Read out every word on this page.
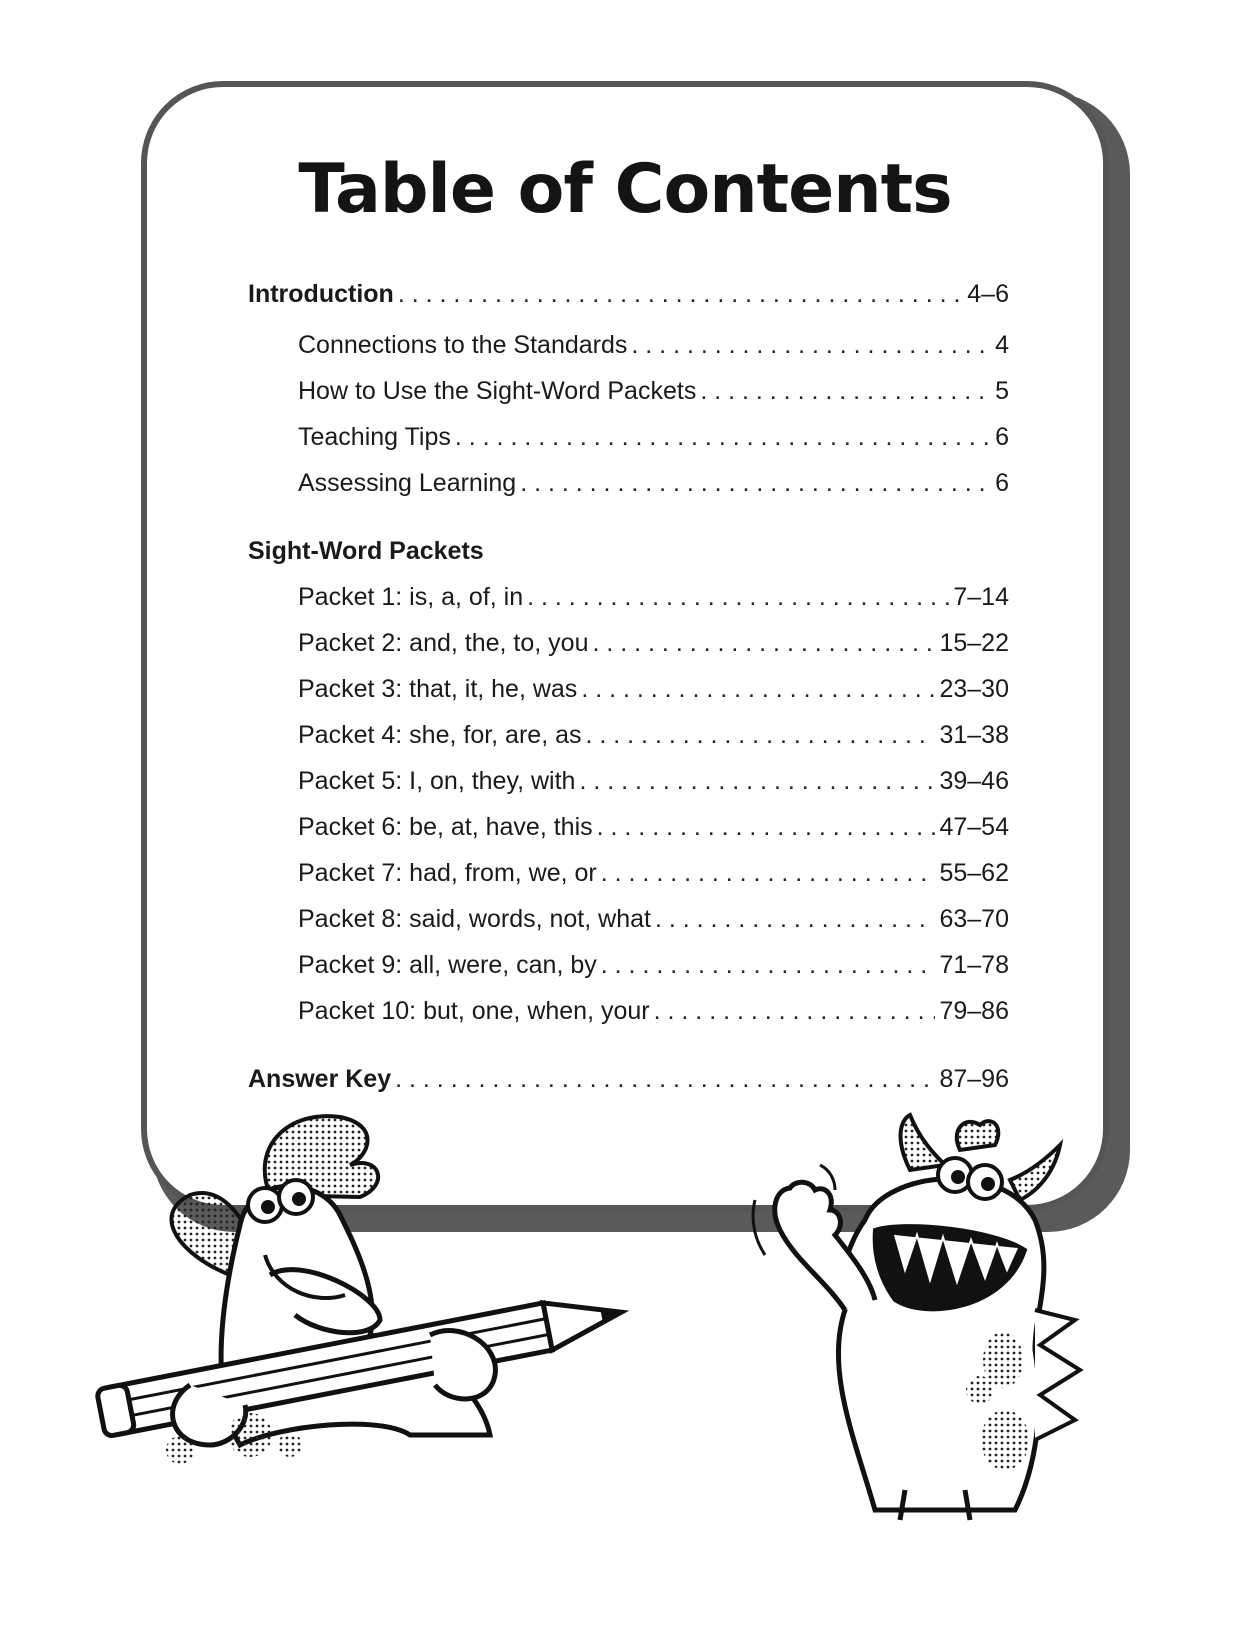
Table of Contents
Introduction . . .	4–6
Connections to the Standards . . .	4
How to Use the Sight-Word Packets . . .	5
Teaching Tips . . .	6
Assessing Learning . . .	6
Sight-Word Packets
Packet 1: is, a, of, in . . .	7–14
Packet 2: and, the, to, you . . .	15–22
Packet 3: that, it, he, was . . .	23–30
Packet 4: she, for, are, as . . .	31–38
Packet 5: I, on, they, with . . .	39–46
Packet 6: be, at, have, this . . .	47–54
Packet 7: had, from, we, or . . .	55–62
Packet 8: said, words, not, what . . .	63–70
Packet 9: all, were, can, by . . .	71–78
Packet 10: but, one, when, your . . .	79–86
Answer Key . . .	87–96
